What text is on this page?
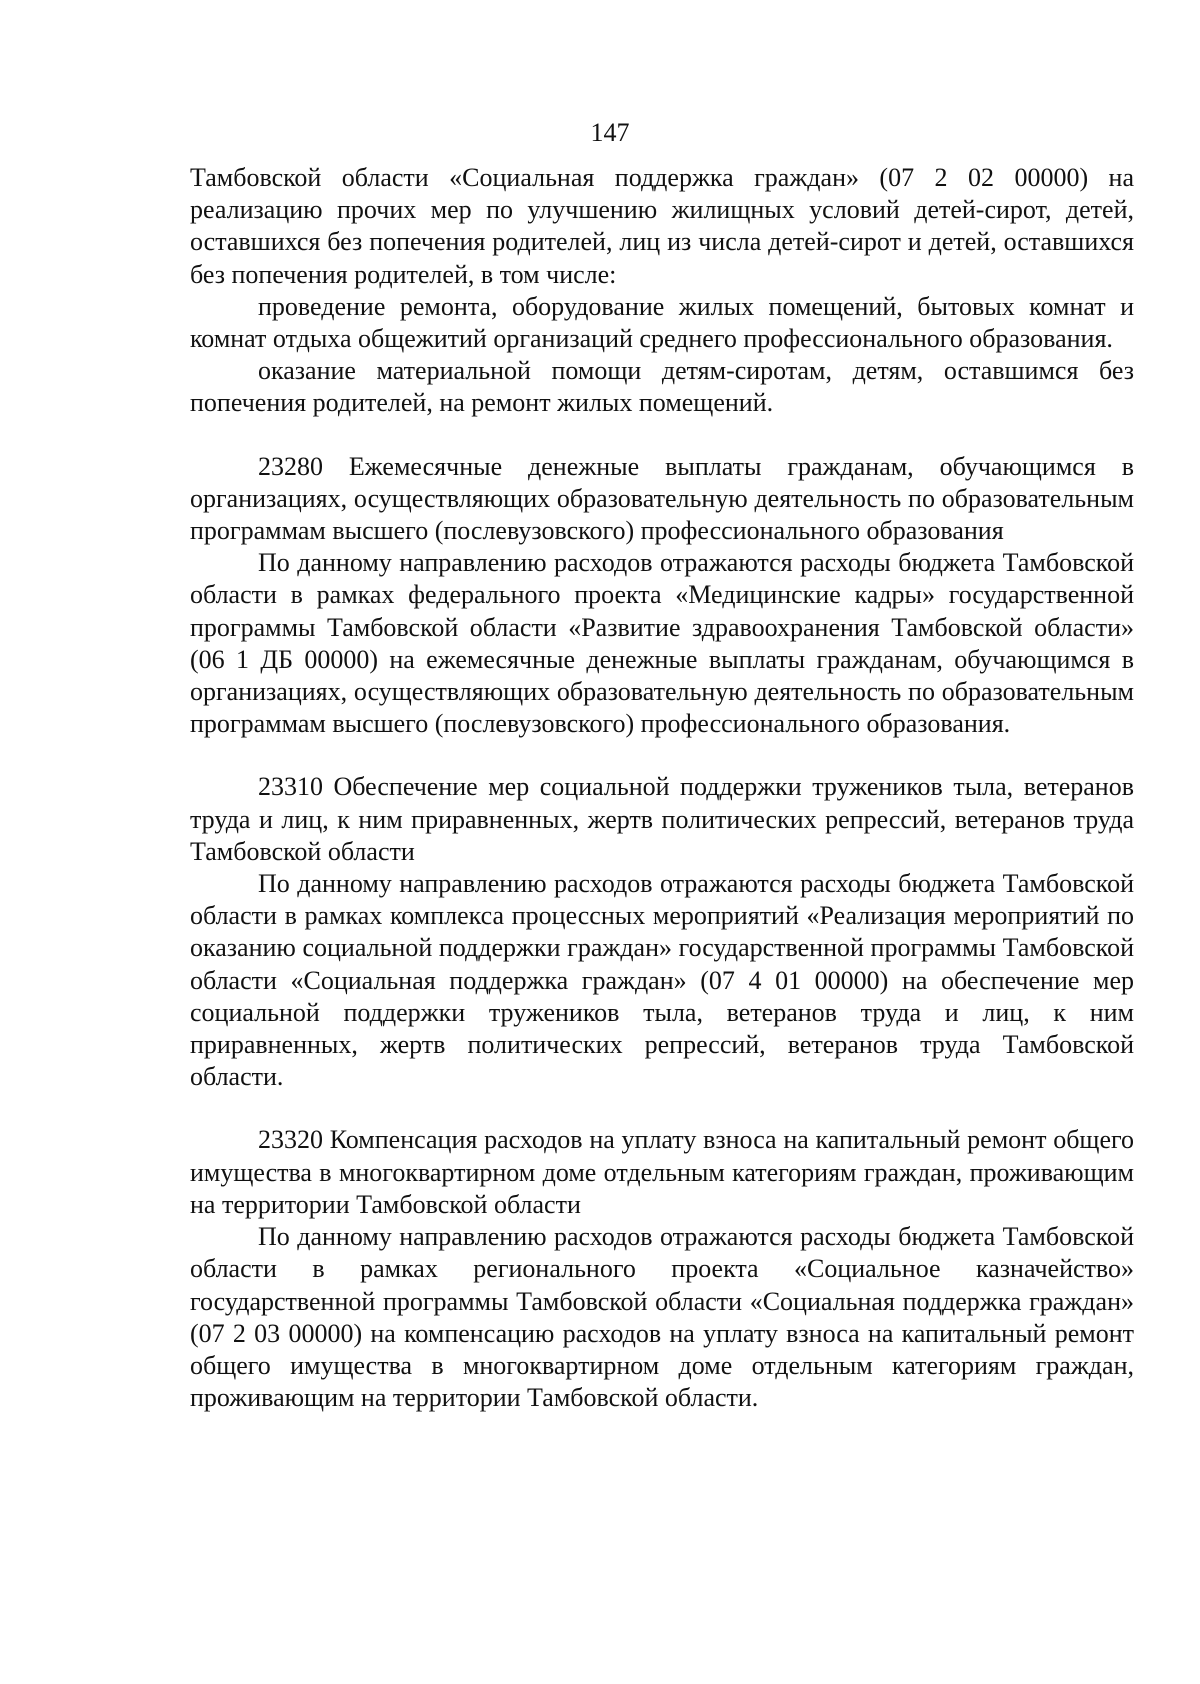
147

Тамбовской области «Социальная поддержка граждан» (07 2 02 00000) на реализацию прочих мер по улучшению жилищных условий детей-сирот, детей, оставшихся без попечения родителей, лиц из числа детей-сирот и детей, оставшихся без попечения родителей, в том числе:

проведение ремонта, оборудование жилых помещений, бытовых комнат и комнат отдыха общежитий организаций среднего профессионального образования.

оказание материальной помощи детям-сиротам, детям, оставшимся без попечения родителей, на ремонт жилых помещений.

23280 Ежемесячные денежные выплаты гражданам, обучающимся в организациях, осуществляющих образовательную деятельность по образовательным программам высшего (послевузовского) профессионального образования

По данному направлению расходов отражаются расходы бюджета Тамбовской области в рамках федерального проекта «Медицинские кадры» государственной программы Тамбовской области «Развитие здравоохранения Тамбовской области» (06 1 ДБ 00000) на ежемесячные денежные выплаты гражданам, обучающимся в организациях, осуществляющих образовательную деятельность по образовательным программам высшего (послевузовского) профессионального образования.

23310 Обеспечение мер социальной поддержки тружеников тыла, ветеранов труда и лиц, к ним приравненных, жертв политических репрессий, ветеранов труда Тамбовской области

По данному направлению расходов отражаются расходы бюджета Тамбовской области в рамках комплекса процессных мероприятий «Реализация мероприятий по оказанию социальной поддержки граждан» государственной программы Тамбовской области «Социальная поддержка граждан» (07 4 01 00000) на обеспечение мер социальной поддержки тружеников тыла, ветеранов труда и лиц, к ним приравненных, жертв политических репрессий, ветеранов труда Тамбовской области.

23320 Компенсация расходов на уплату взноса на капитальный ремонт общего имущества в многоквартирном доме отдельным категориям граждан, проживающим на территории Тамбовской области

По данному направлению расходов отражаются расходы бюджета Тамбовской области в рамках регионального проекта «Социальное казначейство» государственной программы Тамбовской области «Социальная поддержка граждан» (07 2 03 00000) на компенсацию расходов на уплату взноса на капитальный ремонт общего имущества в многоквартирном доме отдельным категориям граждан, проживающим на территории Тамбовской области.
